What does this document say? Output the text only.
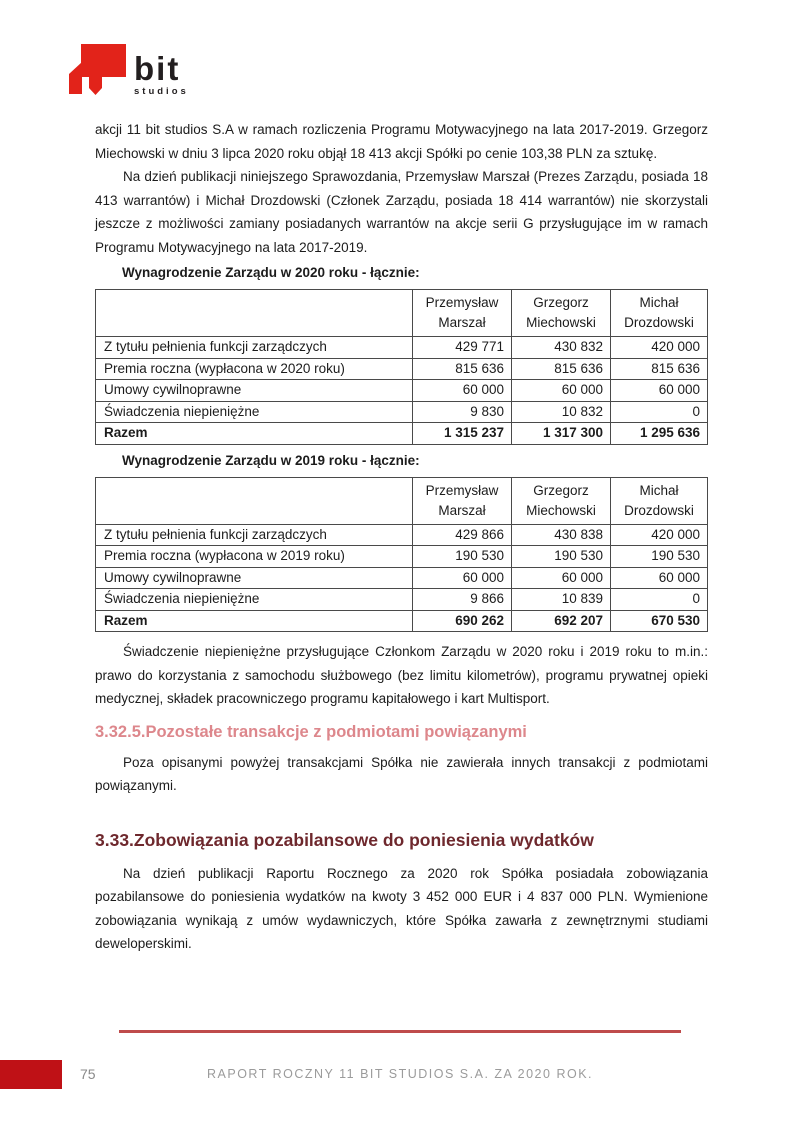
bit
studios

akcji 11 bit studios S.A w ramach rozliczenia Programu Motywacyjnego na lata 2017-2019. Grzegorz Miechowski w dniu 3 lipca 2020 roku objął 18 413 akcji Spółki po cenie 103,38 PLN za sztukę.

Na dzień publikacji niniejszego Sprawozdania, Przemysław Marszał (Prezes Zarządu, posiada 18 413 warrantów) i Michał Drozdowski (Członek Zarządu, posiada 18 414 warrantów) nie skorzystali jeszcze z możliwości zamiany posiadanych warrantów na akcje serii G przysługujące im w ramach Programu Motywacyjnego na lata 2017-2019.

Wynagrodzenie Zarządu w 2020 roku - łącznie:
	Przemysław Marszał	Grzegorz Miechowski	Michał Drozdowski
Z tytułu pełnienia funkcji zarządczych	429 771	430 832	420 000
Premia roczna (wypłacona w 2020 roku)	815 636	815 636	815 636
Umowy cywilnoprawne	60 000	60 000	60 000
Świadczenia niepieniężne	9 830	10 832	0
Razem	1 315 237	1 317 300	1 295 636
Wynagrodzenie Zarządu w 2019 roku - łącznie:
	Przemysław Marszał	Grzegorz Miechowski	Michał Drozdowski
Z tytułu pełnienia funkcji zarządczych	429 866	430 838	420 000
Premia roczna (wypłacona w 2019 roku)	190 530	190 530	190 530
Umowy cywilnoprawne	60 000	60 000	60 000
Świadczenia niepieniężne	9 866	10 839	0
Razem	690 262	692 207	670 530

Świadczenie niepieniężne przysługujące Członkom Zarządu w 2020 roku i 2019 roku to m.in.: prawo do korzystania z samochodu służbowego (bez limitu kilometrów), programu prywatnej opieki medycznej, składek pracowniczego programu kapitałowego i kart Multisport.

3.32.5.Pozostałe transakcje z podmiotami powiązanymi

Poza opisanymi powyżej transakcjami Spółka nie zawierała innych transakcji z podmiotami powiązanymi.

3.33.Zobowiązania pozabilansowe do poniesienia wydatków

Na dzień publikacji Raportu Rocznego za 2020 rok Spółka posiadała zobowiązania pozabilansowe do poniesienia wydatków na kwoty 3 452 000 EUR i 4 837 000 PLN. Wymienione zobowiązania wynikają z umów wydawniczych, które Spółka zawarła z zewnętrznymi studiami deweloperskimi.

75	RAPORT ROCZNY 11 BIT STUDIOS S.A. ZA 2020 ROK.
